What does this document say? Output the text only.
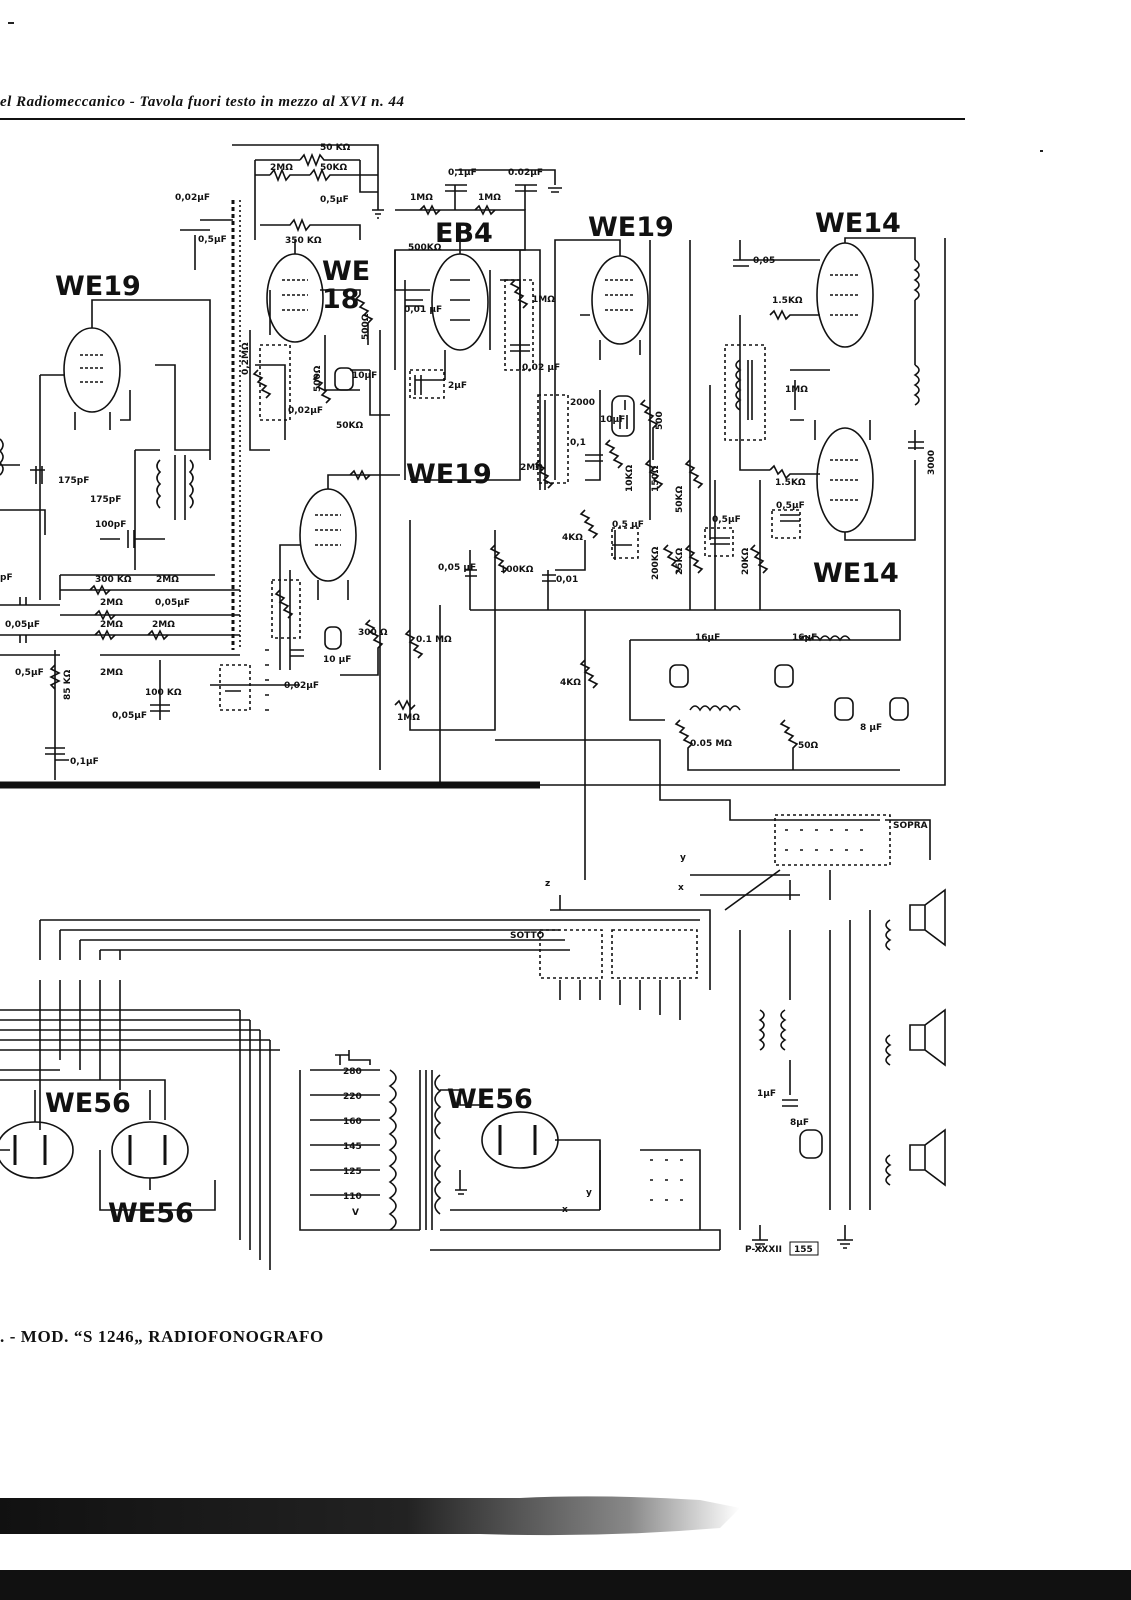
el Radiomeccanico - Tavola fuori testo in mezzo al XVI n. 44
WE19	WE
18
EB4	WE19	WE14
WE19
WE14
WE56
WE56
WE56
50 KΩ
2MΩ	50KΩ
0,02μF	0,5μF
0,5μF	350 KΩ
0,1μF	0.02μF
1MΩ	1MΩ
500KΩ
0,01 μF
500Ω
10μF
500Ω
0,2MΩ
0,02μF
50KΩ
2μF
1MΩ
0,02 μF
0,05
1.5KΩ
1.5KΩ
1MΩ
3000
2000
10μF
0,1
500
2MΩ	10KΩ 150Ω
175pF
175pF
100pF
300 KΩ	2MΩ
2MΩ	0,05μF
2MΩ	2MΩ
2MΩ
0,05μF
0,5μF 85 KΩ
pF
100 KΩ
0,05μF
0,1μF
4KΩ
4KΩ
0,5 μF	0,5μF
0,5μF
50KΩ
200KΩ 25KΩ	20KΩ
0,05 μF	100KΩ
0,01
0.1 MΩ
1MΩ
300 Ω
10 μF
0,02μF
16μF	16μF
8 μF
0.05 MΩ	50Ω
1μF
8μF
SOPRA
SOTTO
z
y
x
y
x
280
220
160
145
125
110
V
P-XXXII 155
. - MOD. “S 1246„ RADIOFONOGRAFO
